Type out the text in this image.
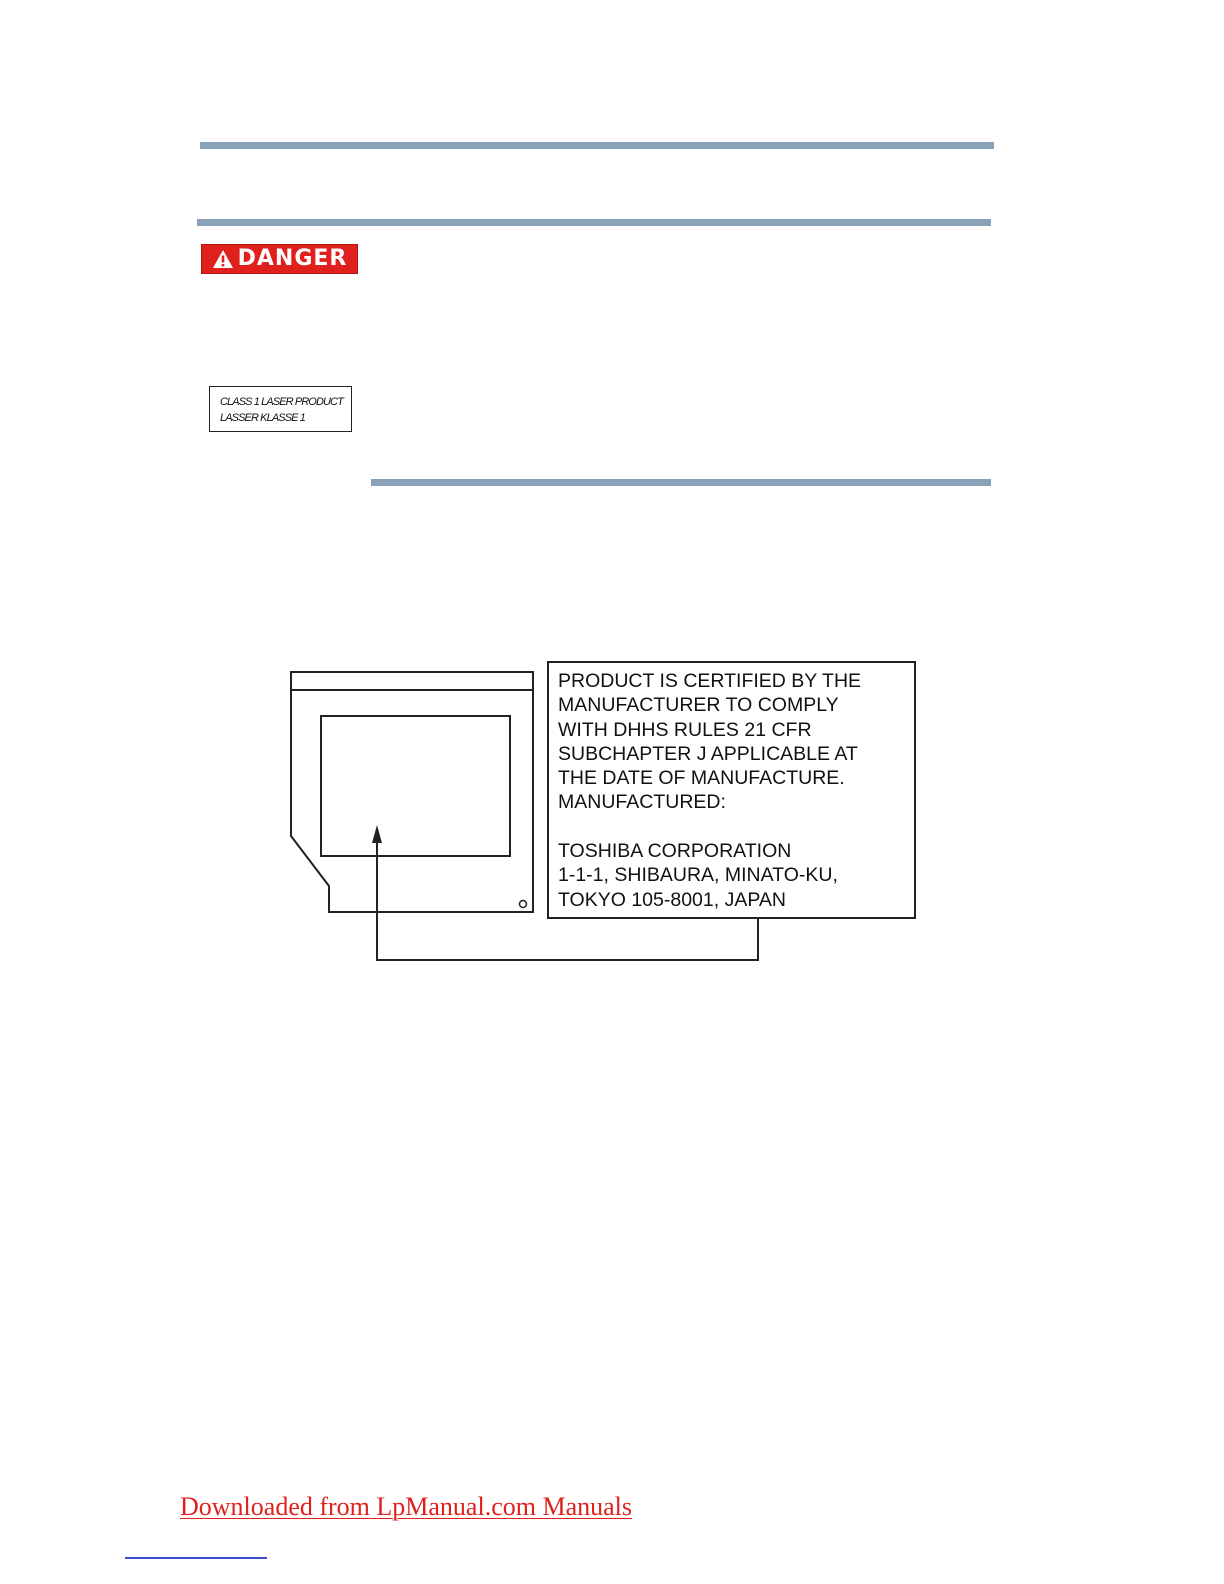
DANGER
CLASS 1 LASER PRODUCT
LASSER KLASSE 1
PRODUCT IS CERTIFIED BY THE
MANUFACTURER TO COMPLY
WITH DHHS RULES 21 CFR
SUBCHAPTER J APPLICABLE AT
THE DATE OF MANUFACTURE.
MANUFACTURED:
TOSHIBA CORPORATION
1-1-1, SHIBAURA, MINATO-KU,
TOKYO 105-8001, JAPAN
Downloaded from LpManual.com Manuals
